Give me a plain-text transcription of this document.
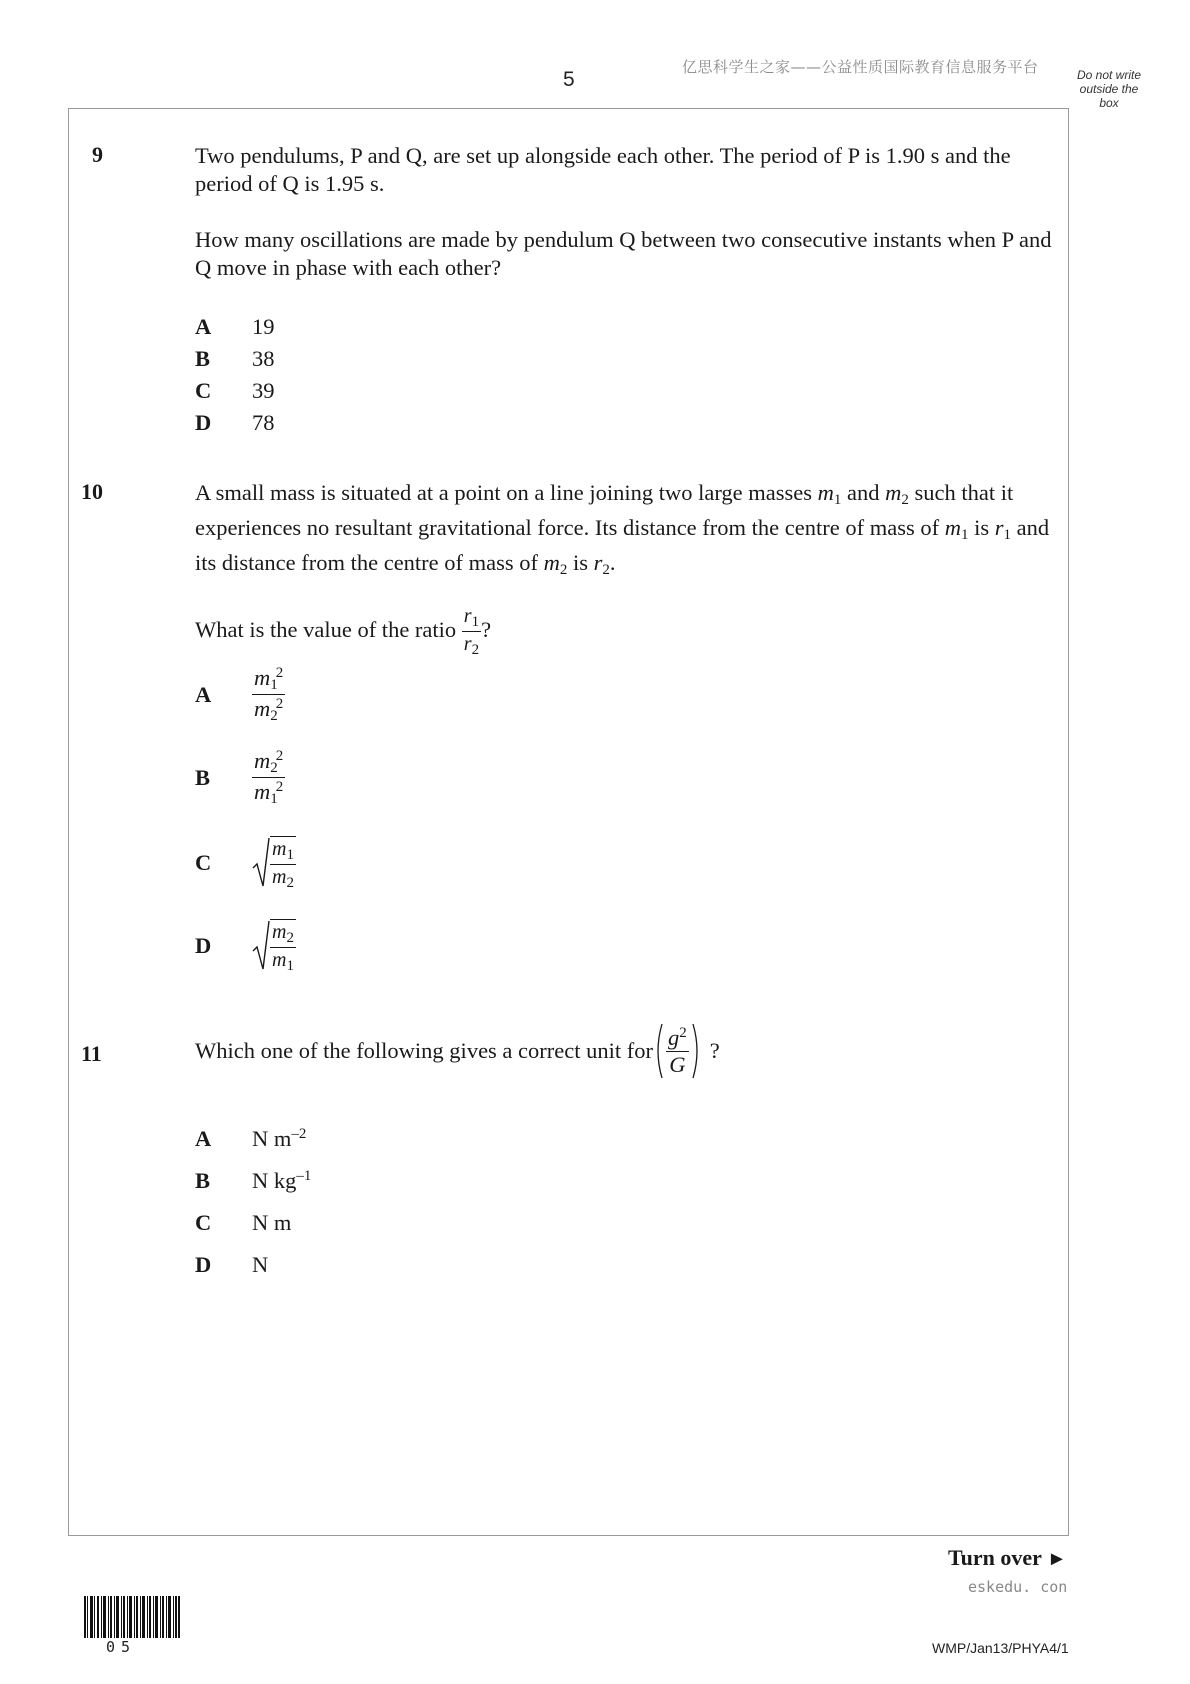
亿思科学生之家——公益性质国际教育信息服务平台
5	Do not write
outside the
box
9	Two pendulums, P and Q, are set up alongside each other. The period of P is 1.90 s and the period of Q is 1.95 s.

How many oscillations are made by pendulum Q between two consecutive instants when P and Q move in phase with each other?

A	19
B	38
C	39
D	78
10	A small mass is situated at a point on a line joining two large masses $m_1$ and $m_2$ such that it experiences no resultant gravitational force. Its distance from the centre of mass of $m_1$ is $r_1$ and its distance from the centre of mass of $m_2$ is $r_2$.

What is the value of the ratio $\frac{r_1}{r_2}$ ?

A	$\frac{m_1^2}{m_2^2}$
B	$\frac{m_2^2}{m_1^2}$
C	$\frac{m_1}{m_2}$
D	$\frac{m_2}{m_1}$
11	Which one of the following gives a correct unit for $\frac{g^2}{G}$ ?
A	N $m^{-2}$
B	N $kg^{-1}$
C	N m
D	N
Turn over ►
eskedu. con
05	WMP/Jan13/PHYA4/1
